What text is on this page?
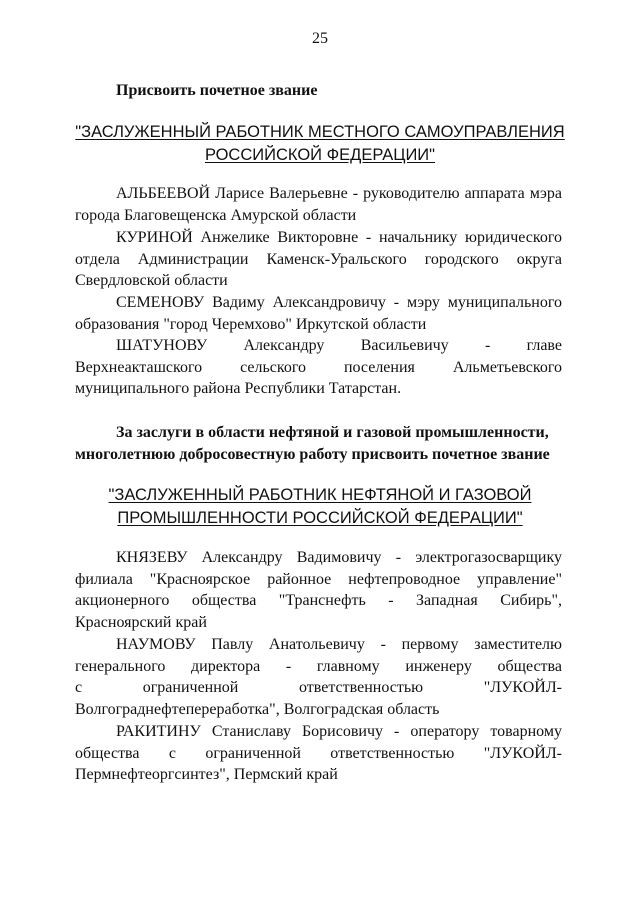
25
Присвоить почетное звание
"ЗАСЛУЖЕННЫЙ РАБОТНИК МЕСТНОГО САМОУПРАВЛЕНИЯ
РОССИЙСКОЙ ФЕДЕРАЦИИ"
АЛЬБЕЕВОЙ Ларисе Валерьевне - руководителю аппарата мэра
города Благовещенска Амурской области
КУРИНОЙ Анжелике Викторовне - начальнику юридического
отдела Администрации Каменск-Уральского городского округа
Свердловской области
СЕМЕНОВУ Вадиму Александровичу - мэру муниципального
образования "город Черемхово" Иркутской области
ШАТУНОВУ Александру Васильевичу - главе
Верхнеакташского сельского поселения Альметьевского
муниципального района Республики Татарстан.
За заслуги в области нефтяной и газовой промышленности,
многолетнюю добросовестную работу присвоить почетное звание
"ЗАСЛУЖЕННЫЙ РАБОТНИК НЕФТЯНОЙ И ГАЗОВОЙ
ПРОМЫШЛЕННОСТИ РОССИЙСКОЙ ФЕДЕРАЦИИ"
КНЯЗЕВУ Александру Вадимовичу - электрогазосварщику
филиала "Красноярское районное нефтепроводное управление"
акционерного общества "Транснефть - Западная Сибирь",
Красноярский край
НАУМОВУ Павлу Анатольевичу - первому заместителю
генерального директора - главному инженеру общества
с ограниченной ответственностью "ЛУКОЙЛ-
Волгограднефтепереработка", Волгоградская область
РАКИТИНУ Станиславу Борисовичу - оператору товарному
общества с ограниченной ответственностью "ЛУКОЙЛ-
Пермнефтеоргсинтез", Пермский край
